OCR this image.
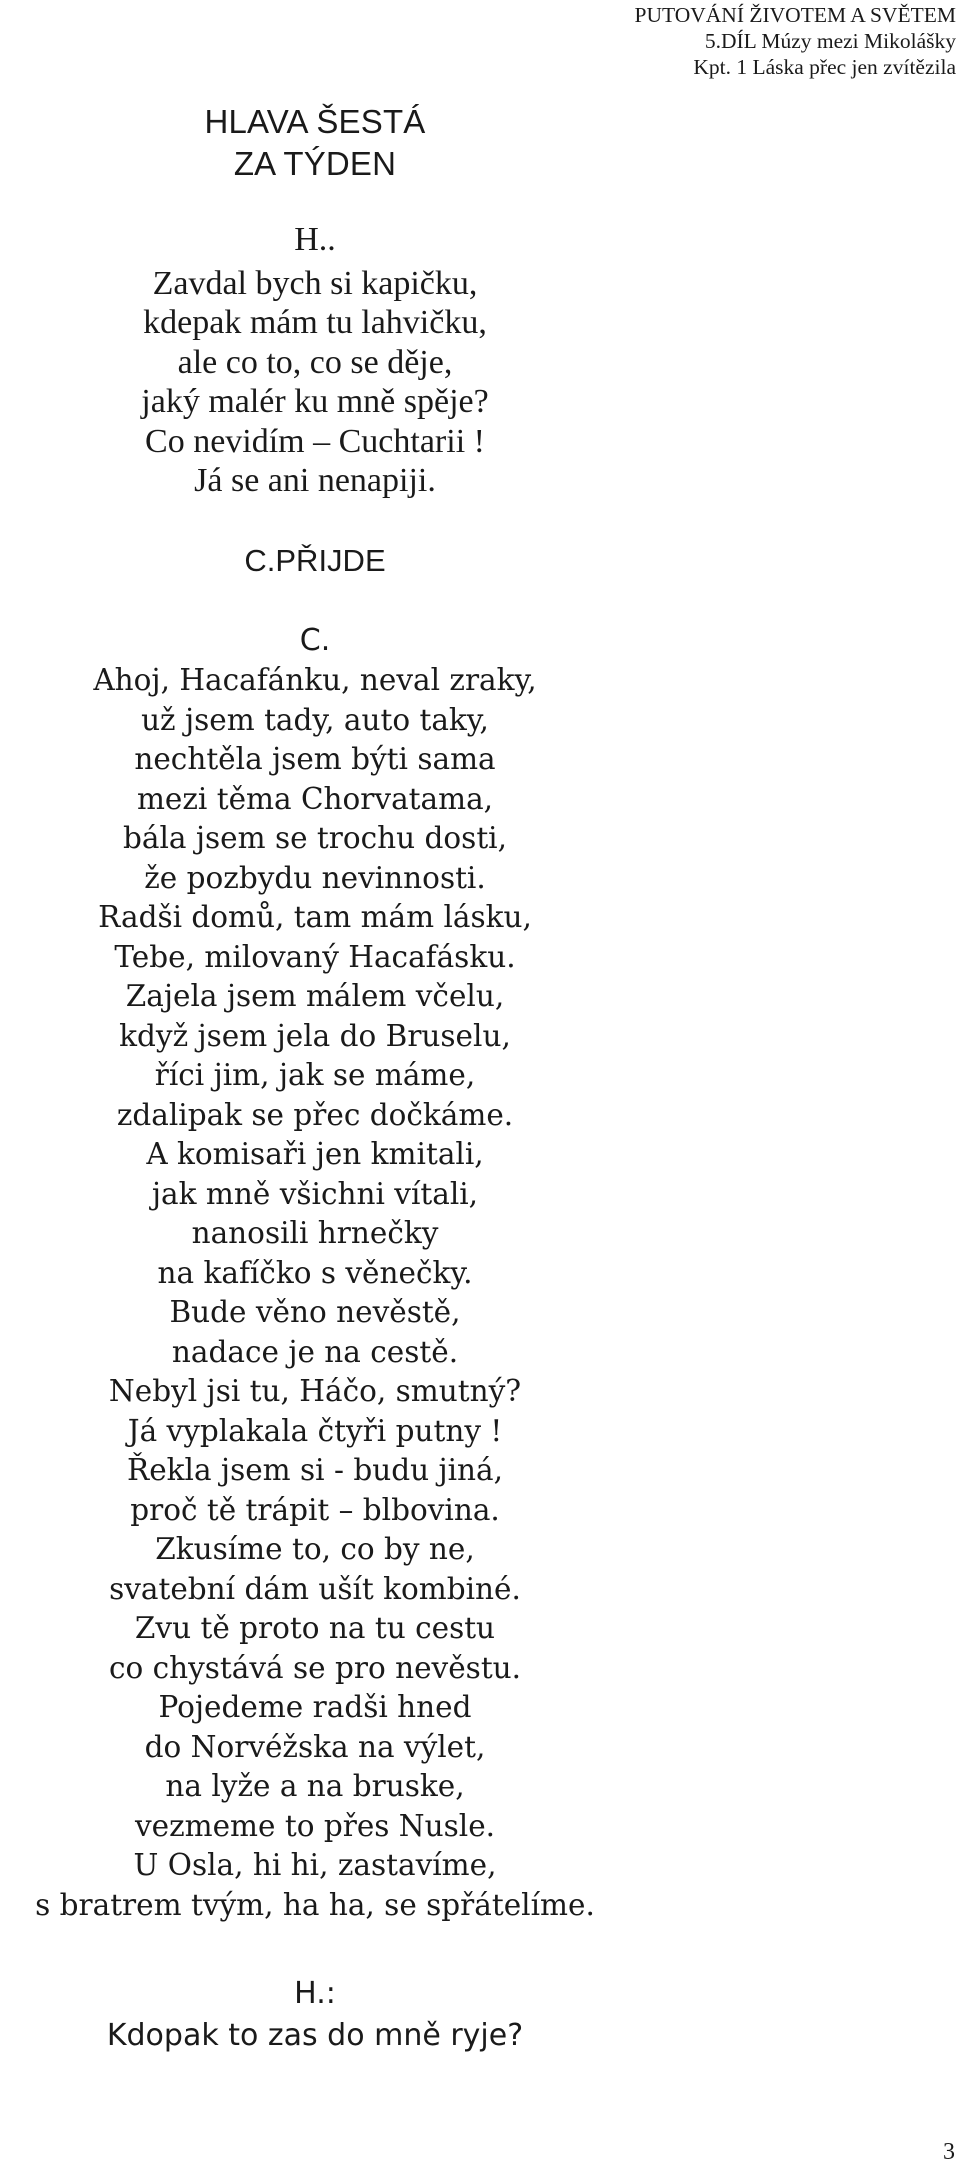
PUTOVÁNÍ ŽIVOTEM A SVĚTEM
5.DÍL Múzy mezi Mikolášky
Kpt. 1 Láska přec jen zvítězila
HLAVA ŠESTÁ
ZA TÝDEN
H..
Zavdal bych si kapičku,
kdepak mám tu lahvičku,
ale co to, co se děje,
jaký malér ku mně spěje?
Co nevidím – Cuchtarii !
Já se ani nenapiji.
C.PŘIJDE
C.
Ahoj, Hacafánku, neval zraky,
už jsem tady, auto taky,
nechtěla jsem býti sama
mezi těma Chorvatama,
bála jsem se trochu dosti,
že pozbydu nevinnosti.
Radši domů, tam mám lásku,
Tebe, milovaný Hacafásku.
Zajela jsem málem včelu,
když jsem jela do Bruselu,
říci jim, jak se máme,
zdalipak se přec dočkáme.
A komisaři jen kmitali,
jak mně všichni vítali,
nanosili hrnečky
na kafíčko s věnečky.
Bude věno nevěstě,
nadace je na cestě.
Nebyl jsi tu, Háčo, smutný?
Já vyplakala čtyři putny !
Řekla jsem si - budu jiná,
proč tě trápit – blbovina.
Zkusíme to, co by ne,
svatební dám ušít kombiné.
Zvu tě proto na tu cestu
co chystává se pro nevěstu.
Pojedeme radši hned
do Norvéžska na výlet,
na lyže a na bruske,
vezmeme to přes Nusle.
U Osla, hi hi, zastavíme,
s bratrem tvým, ha ha, se spřátelíme.
H.:
Kdopak to zas do mně ryje?
3
